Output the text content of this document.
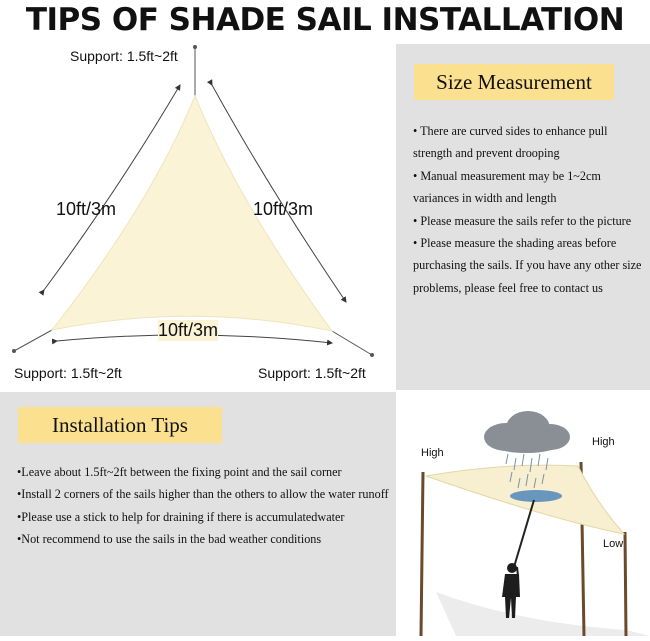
TIPS OF SHADE SAIL INSTALLATION
Support: 1.5ft~2ft
10ft/3m	10ft/3m
10ft/3m
Support: 1.5ft~2ft	Support: 1.5ft~2ft
Size Measurement
• There are curved sides to enhance pull strength and prevent drooping
• Manual measurement may be 1~2cm variances in width and length
• Please measure the sails refer to the picture
• Please measure the shading areas before purchasing the sails. If you have any other size problems, please feel free to contact us
Installation Tips
•Leave about 1.5ft~2ft between the fixing point and the sail corner
•Install 2 corners of the sails higher than the others to allow the water runoff
•Please use a stick to help for draining if there is accumulatedwater
•Not recommend to use the sails in the bad weather conditions
High
High
Low
